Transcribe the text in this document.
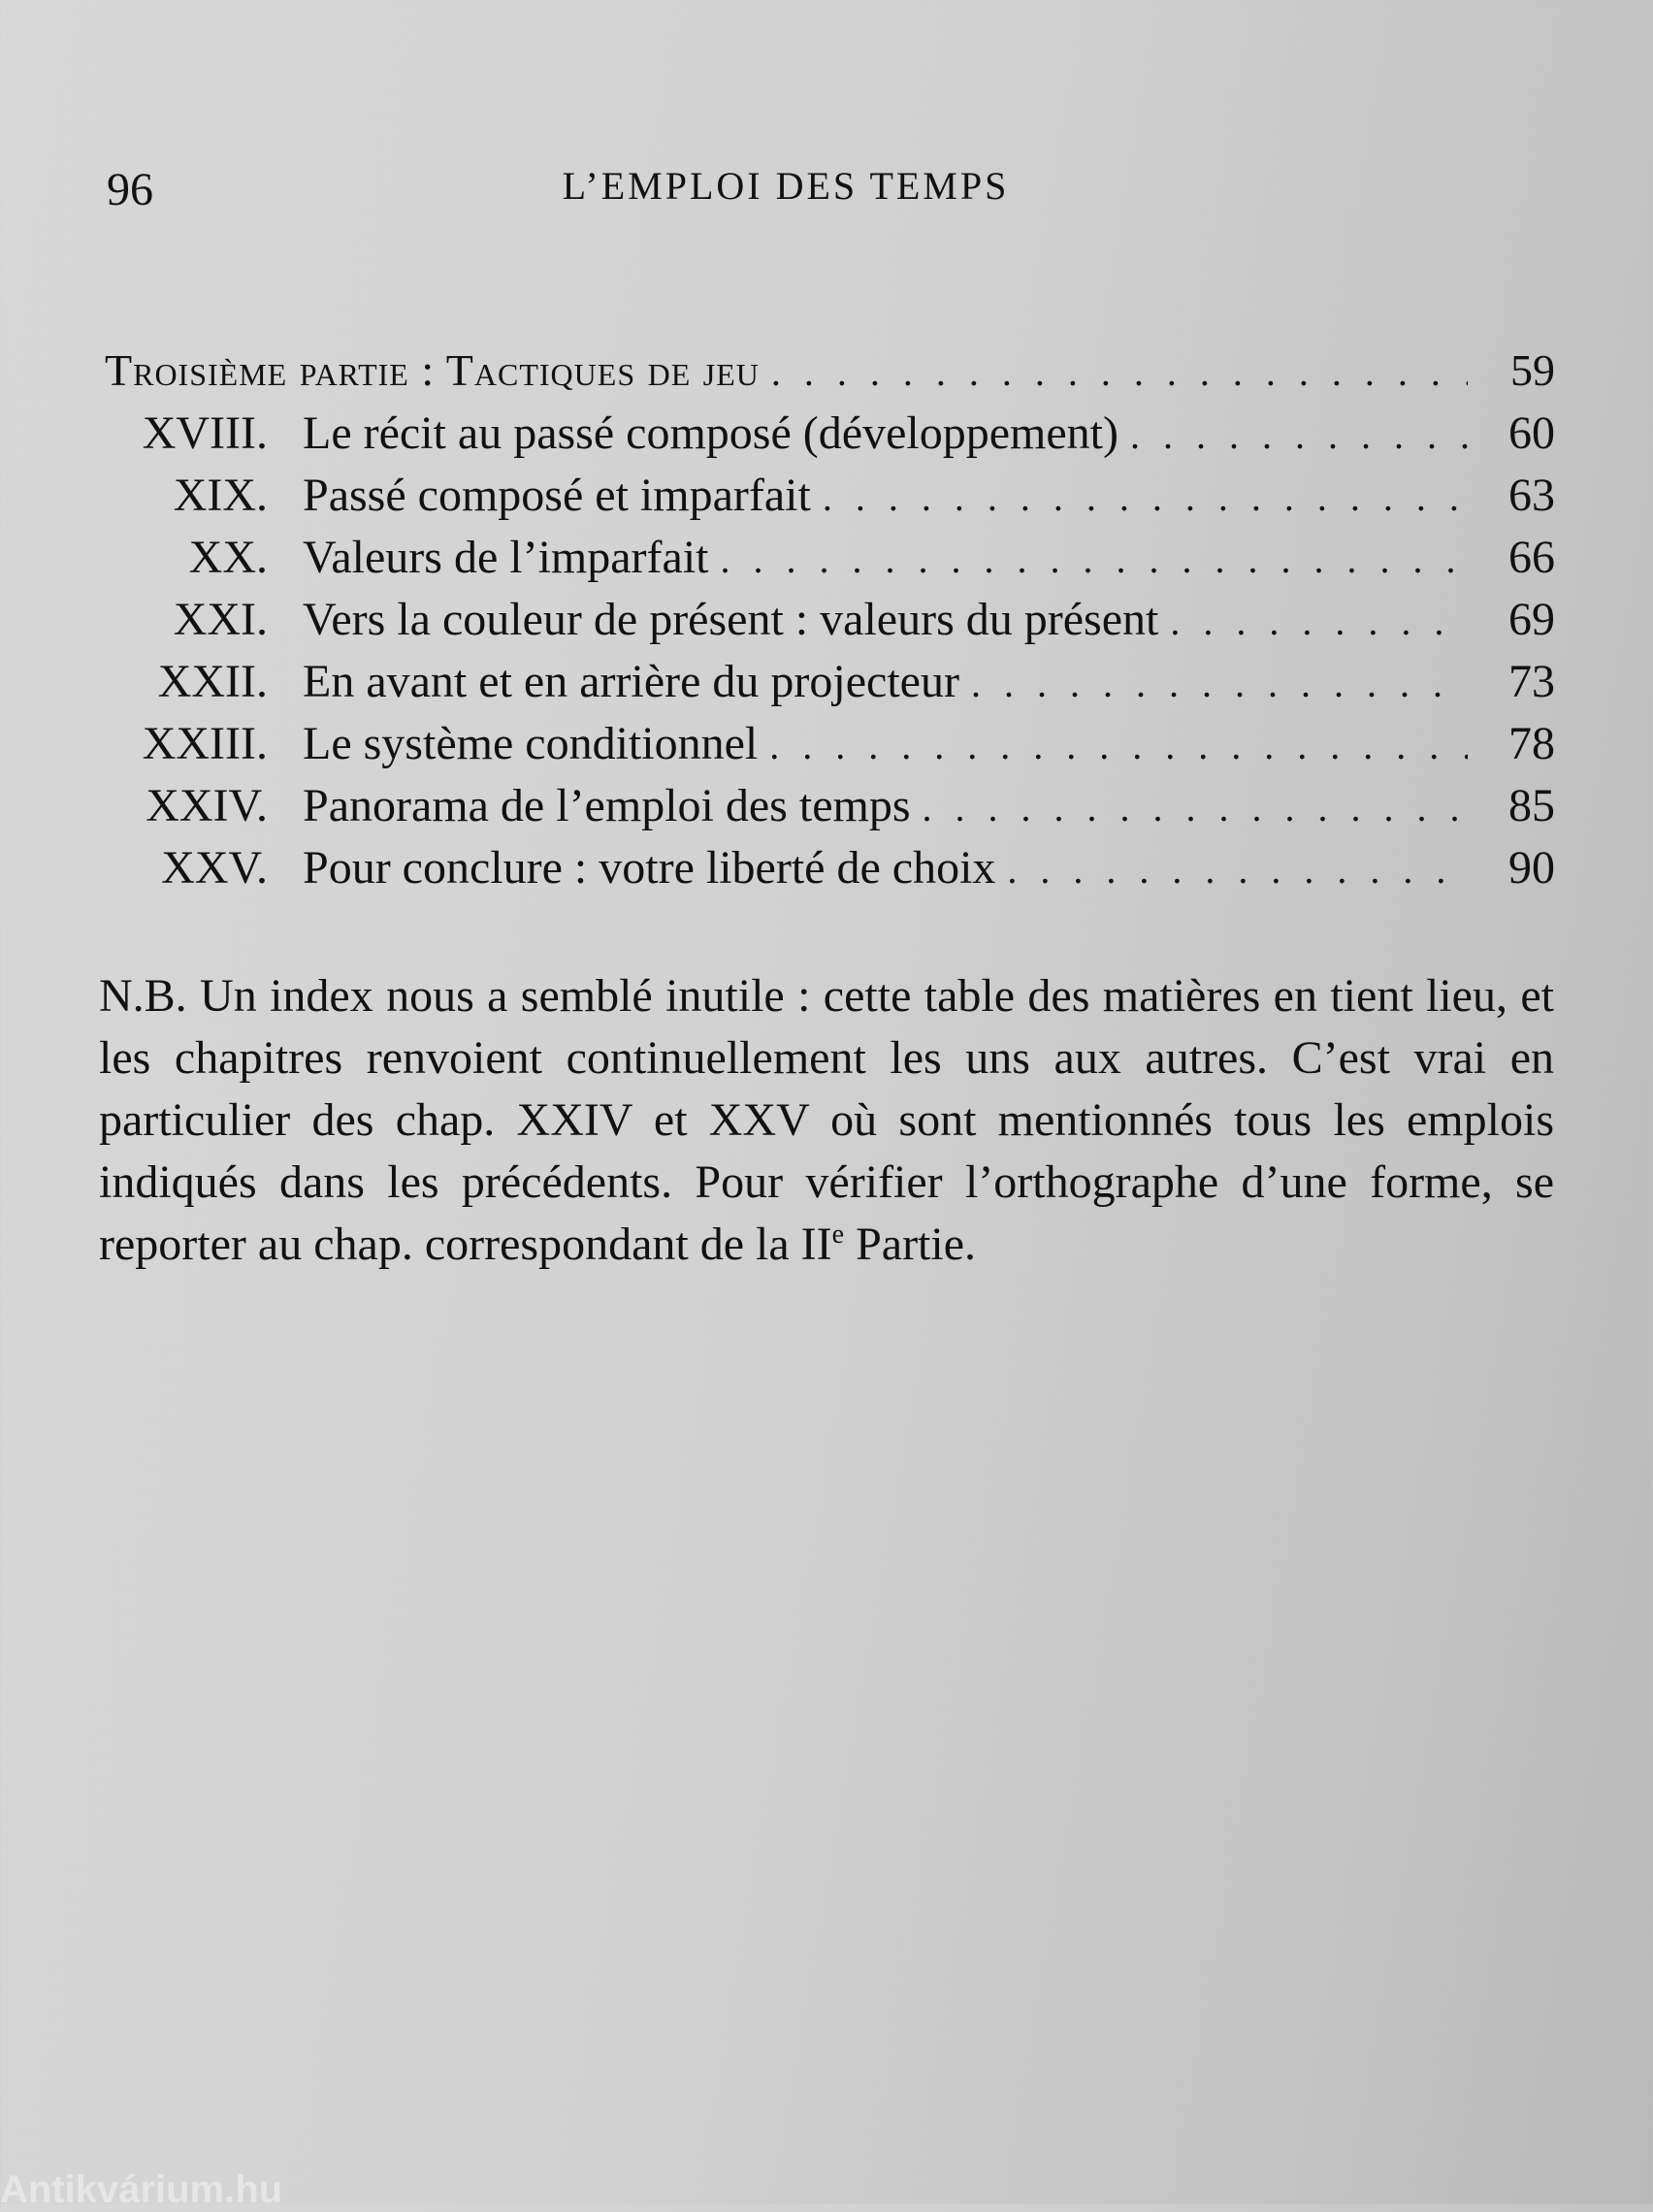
96	L’EMPLOI DES TEMPS
Troisième partie : Tactiques de jeu . . .	59
XVIII. Le récit au passé composé (développement) . . .	60
XIX. Passé composé et imparfait . . .	63
XX. Valeurs de l’imparfait . . .	66
XXI. Vers la couleur de présent : valeurs du présent . . .	69
XXII. En avant et en arrière du projecteur . . .	73
XXIII. Le système conditionnel . . .	78
XXIV. Panorama de l’emploi des temps . . .	85
XXV. Pour conclure : votre liberté de choix . . .	90

N.B. Un index nous a semblé inutile : cette table des matières en tient lieu, et les chapitres renvoient continuellement les uns aux autres. C’est vrai en particulier des chap. XXIV et XXV où sont mentionnés tous les emplois indiqués dans les précédents. Pour vérifier l’orthographe d’une forme, se reporter au chap. correspondant de la IIe Partie.

Antikvárium.hu
